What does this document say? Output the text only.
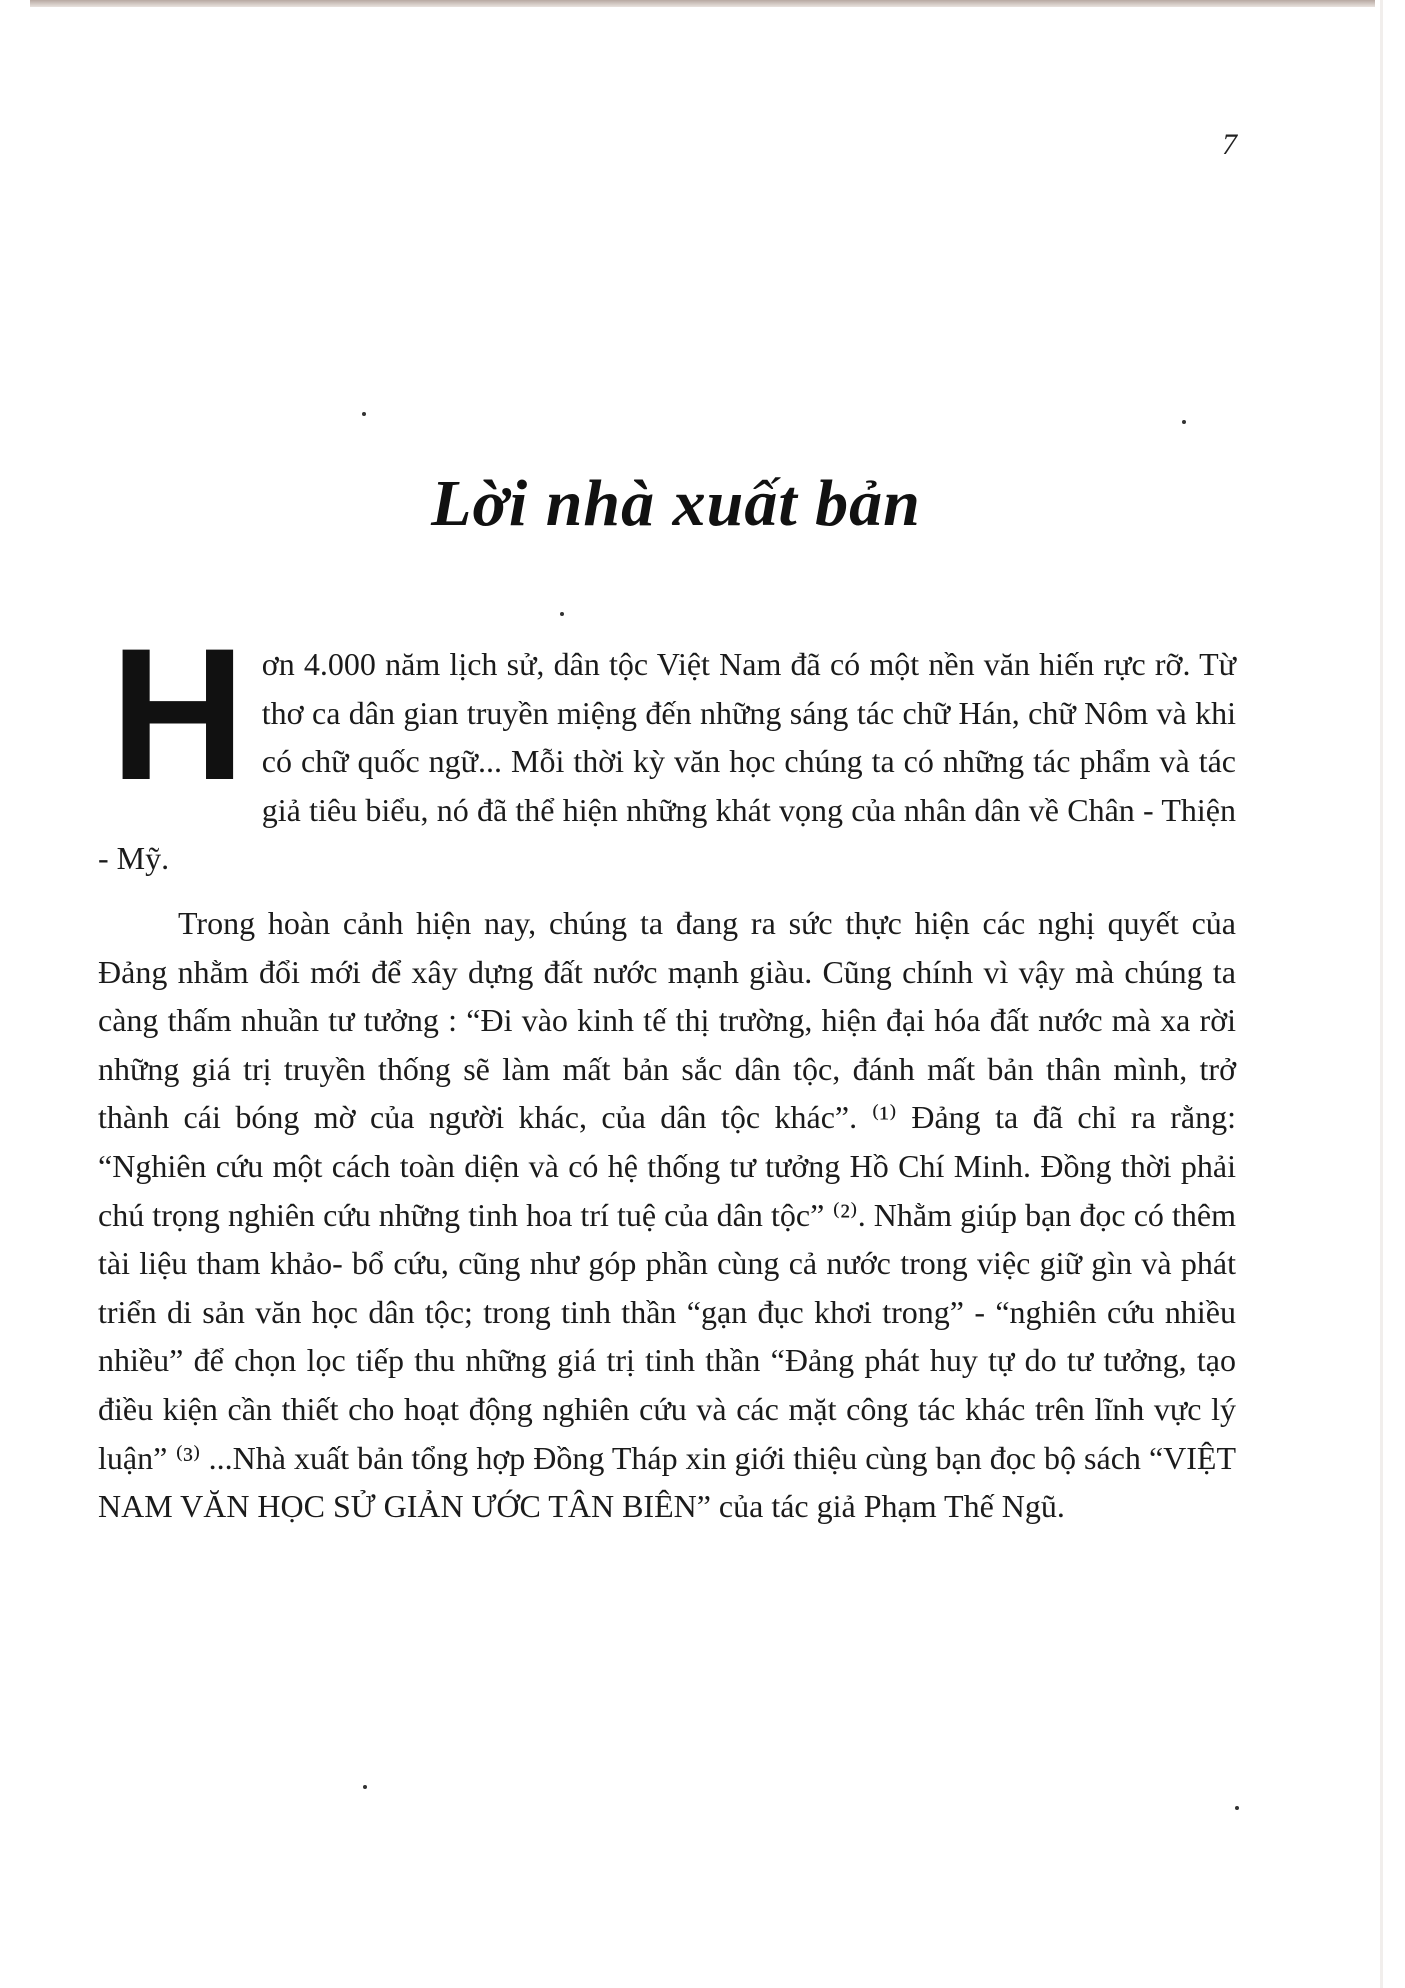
7
Lời nhà xuất bản

H ơn 4.000 năm lịch sử, dân tộc Việt Nam đã có một nền văn hiến rực rỡ. Từ thơ ca dân gian truyền miệng đến những sáng tác chữ Hán, chữ Nôm và khi có chữ quốc ngữ... Mỗi thời kỳ văn học chúng ta có những tác phẩm và tác giả tiêu biểu, nó đã thể hiện những khát vọng của nhân dân về Chân - Thiện - Mỹ.

Trong hoàn cảnh hiện nay, chúng ta đang ra sức thực hiện các nghị quyết của Đảng nhằm đổi mới để xây dựng đất nước mạnh giàu. Cũng chính vì vậy mà chúng ta càng thấm nhuần tư tưởng : “Đi vào kinh tế thị trường, hiện đại hóa đất nước mà xa rời những giá trị truyền thống sẽ làm mất bản sắc dân tộc, đánh mất bản thân mình, trở thành cái bóng mờ của người khác, của dân tộc khác”. ⁽¹⁾ Đảng ta đã chỉ ra rằng: “Nghiên cứu một cách toàn diện và có hệ thống tư tưởng Hồ Chí Minh. Đồng thời phải chú trọng nghiên cứu những tinh hoa trí tuệ của dân tộc” ⁽²⁾. Nhằm giúp bạn đọc có thêm tài liệu tham khảo- bổ cứu, cũng như góp phần cùng cả nước trong việc giữ gìn và phát triển di sản văn học dân tộc; trong tinh thần “gạn đục khơi trong” - “nghiên cứu nhiều nhiều” để chọn lọc tiếp thu những giá trị tinh thần “Đảng phát huy tự do tư tưởng, tạo điều kiện cần thiết cho hoạt động nghiên cứu và các mặt công tác khác trên lĩnh vực lý luận” ⁽³⁾ ...Nhà xuất bản tổng hợp Đồng Tháp xin giới thiệu cùng bạn đọc bộ sách “VIỆT NAM VĂN HỌC SỬ GIẢN ƯỚC TÂN BIÊN” của tác giả Phạm Thế Ngũ.
